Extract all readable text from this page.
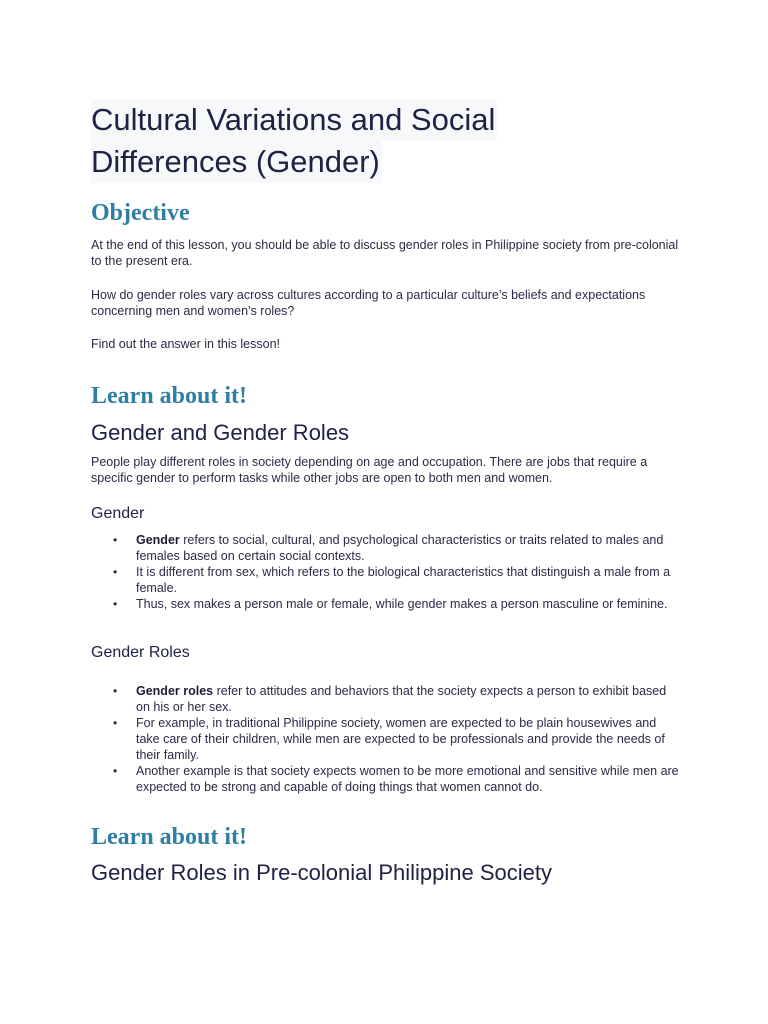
Cultural Variations and Social
Differences (Gender)
Objective

At the end of this lesson, you should be able to discuss gender roles in Philippine society from pre-colonial to the present era.

How do gender roles vary across cultures according to a particular culture’s beliefs and expectations concerning men and women’s roles?

Find out the answer in this lesson!

Learn about it!
Gender and Gender Roles

People play different roles in society depending on age and occupation. There are jobs that require a specific gender to perform tasks while other jobs are open to both men and women.

Gender
• Gender refers to social, cultural, and psychological characteristics or traits related to males and females based on certain social contexts.
• It is different from sex, which refers to the biological characteristics that distinguish a male from a female.
• Thus, sex makes a person male or female, while gender makes a person masculine or feminine.
Gender Roles
• Gender roles refer to attitudes and behaviors that the society expects a person to exhibit based on his or her sex.
• For example, in traditional Philippine society, women are expected to be plain housewives and take care of their children, while men are expected to be professionals and provide the needs of their family.
• Another example is that society expects women to be more emotional and sensitive while men are expected to be strong and capable of doing things that women cannot do.
Learn about it!
Gender Roles in Pre-colonial Philippine Society
